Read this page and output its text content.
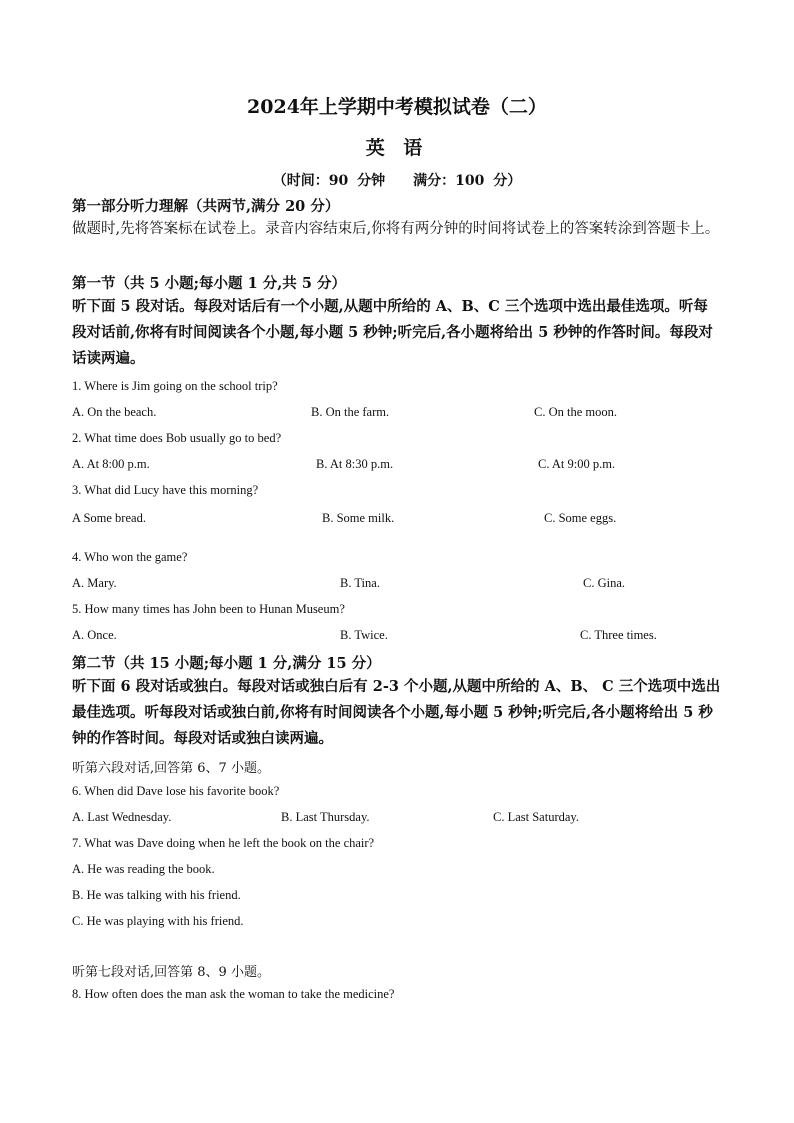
2024年上学期中考模拟试卷（二）
英 语
（时间：90 分钟　　满分：100 分）
第一部分听力理解（共两节,满分 20 分）
做题时,先将答案标在试卷上。录音内容结束后,你将有两分钟的时间将试卷上的答案转涂到答题卡上。
第一节（共 5 小题;每小题 1 分,共 5 分）
听下面 5 段对话。每段对话后有一个小题,从题中所给的 A、B、C 三个选项中选出最佳选项。听每段对话前,你将有时间阅读各个小题,每小题 5 秒钟;听完后,各小题将给出 5 秒钟的作答时间。每段对话读两遍。
1. Where is Jim going on the school trip?
A. On the beach.	B. On the farm.	C. On the moon.
2. What time does Bob usually go to bed?
A. At 8:00 p.m.	B. At 8:30 p.m.	C. At 9:00 p.m.
3. What did Lucy have this morning?
A Some bread.	B. Some milk.	C. Some eggs.
4. Who won the game?
A. Mary.	B. Tina.	C. Gina.
5. How many times has John been to Hunan Museum?
A. Once.	B. Twice.	C. Three times.
第二节（共 15 小题;每小题 1 分,满分 15 分）
听下面 6 段对话或独白。每段对话或独白后有 2-3 个小题,从题中所给的 A、B、 C 三个选项中选出最佳选项。听每段对话或独白前,你将有时间阅读各个小题,每小题 5 秒钟;听完后,各小题将给出 5 秒钟的作答时间。每段对话或独白读两遍。
听第六段对话,回答第 6、7 小题。
6. When did Dave lose his favorite book?
A. Last Wednesday.	B. Last Thursday.	C. Last Saturday.
7. What was Dave doing when he left the book on the chair?
A. He was reading the book.
B. He was talking with his friend.
C. He was playing with his friend.
听第七段对话,回答第 8、9 小题。
8. How often does the man ask the woman to take the medicine?
